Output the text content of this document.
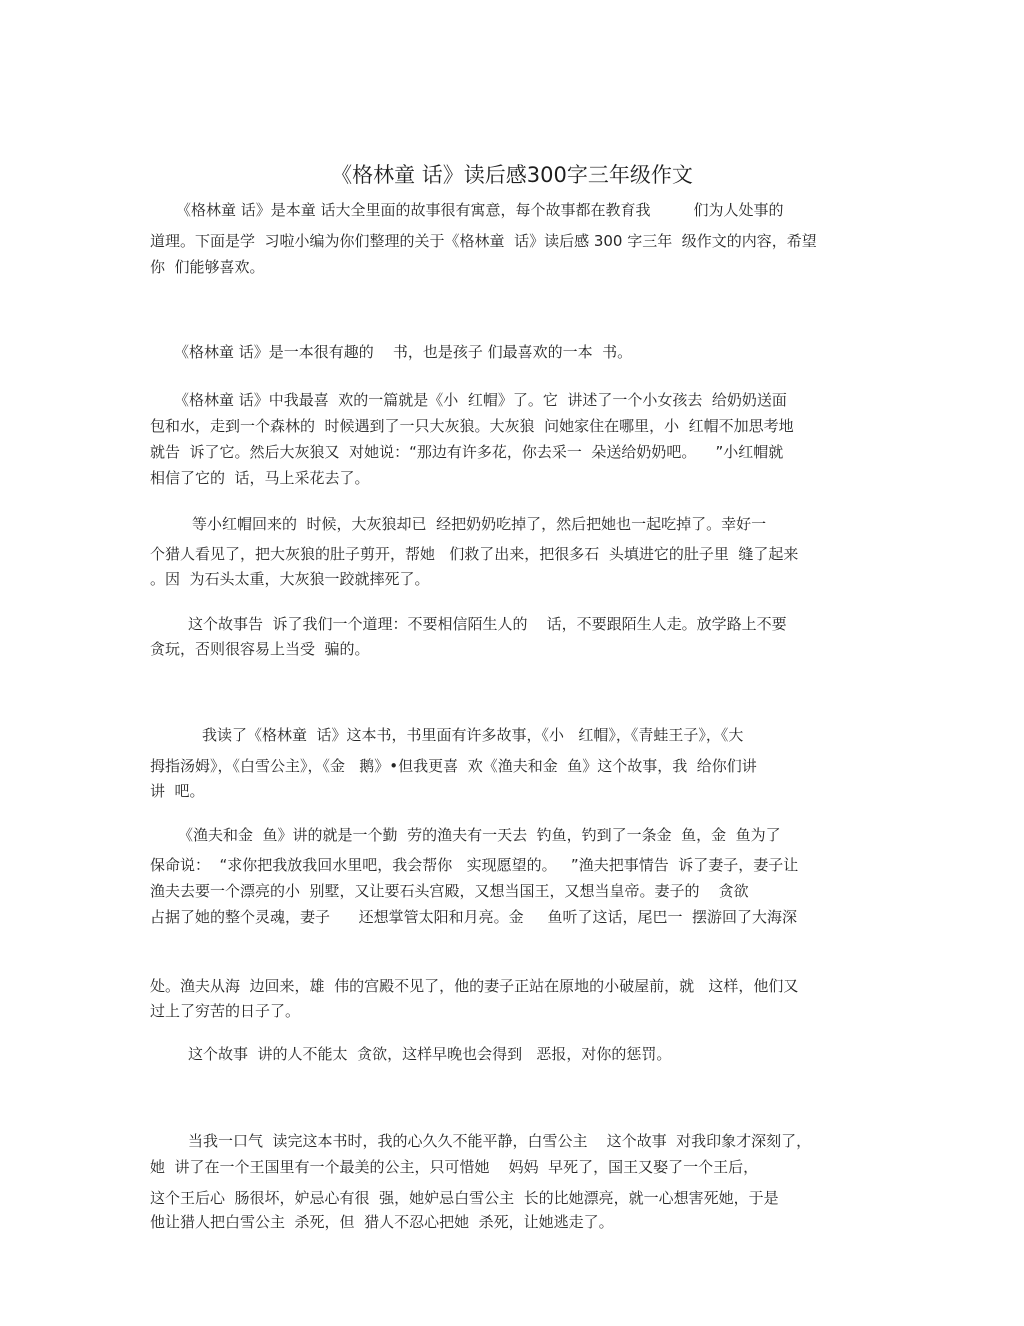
《格林童 话》读后感300字三年级作文
《格林童 话》是本童 话大全里面的故事很有寓意，每个故事都在教育我         们为人处事的
道理。下面是学  习啦小编为你们整理的关于《格林童  话》读后感 300 字三年  级作文的内容，希望
你  们能够喜欢。
《格林童 话》是一本很有趣的    书，也是孩子 们最喜欢的一本  书。
《格林童 话》中我最喜  欢的一篇就是《小  红帽》了。它  讲述了一个小女孩去  给奶奶送面
包和水，走到一个森林的  时候遇到了一只大灰狼。大灰狼  问她家住在哪里，小  红帽不加思考地
就告  诉了它。然后大灰狼又  对她说：“那边有许多花，你去采一  朵送给奶奶吧。    ”小红帽就
相信了它的  话，马上采花去了。
等小红帽回来的  时候，大灰狼却已  经把奶奶吃掉了，然后把她也一起吃掉了。幸好一
个猎人看见了，把大灰狼的肚子剪开，帮她   们救了出来，把很多石  头填进它的肚子里  缝了起来
。因  为石头太重，大灰狼一跤就摔死了。
这个故事告  诉了我们一个道理：不要相信陌生人的    话，不要跟陌生人走。放学路上不要
贪玩，否则很容易上当受  骗的。
我读了《格林童  话》这本书，书里面有许多故事，《小   红帽》，《青蛙王子》，《大
拇指汤姆》，《白雪公主》，《金   鹅》•但我更喜  欢《渔夫和金  鱼》这个故事，我  给你们讲
讲  吧。
《渔夫和金  鱼》讲的就是一个勤  劳的渔夫有一天去  钓鱼，钓到了一条金  鱼，金  鱼为了
保命说：  “求你把我放我回水里吧，我会帮你   实现愿望的。   ”渔夫把事情告  诉了妻子，妻子让
渔夫去要一个漂亮的小  别墅，又让要石头宫殿，又想当国王，又想当皇帝。妻子的    贪欲
占据了她的整个灵魂，妻子      还想掌管太阳和月亮。金     鱼听了这话，尾巴一  摆游回了大海深
处。渔夫从海  边回来，雄  伟的宫殿不见了，他的妻子正站在原地的小破屋前，就   这样，他们又
过上了穷苦的日子了。
这个故事  讲的人不能太  贪欲，这样早晚也会得到   恶报，对你的惩罚。
当我一口气  读完这本书时，我的心久久不能平静，白雪公主    这个故事  对我印象才深刻了，
她  讲了在一个王国里有一个最美的公主，只可惜她    妈妈  早死了，国王又娶了一个王后，
这个王后心  肠很坏，妒忌心有很  强，她妒忌白雪公主  长的比她漂亮，就一心想害死她，于是
他让猎人把白雪公主  杀死，但  猎人不忍心把她  杀死，让她逃走了。
